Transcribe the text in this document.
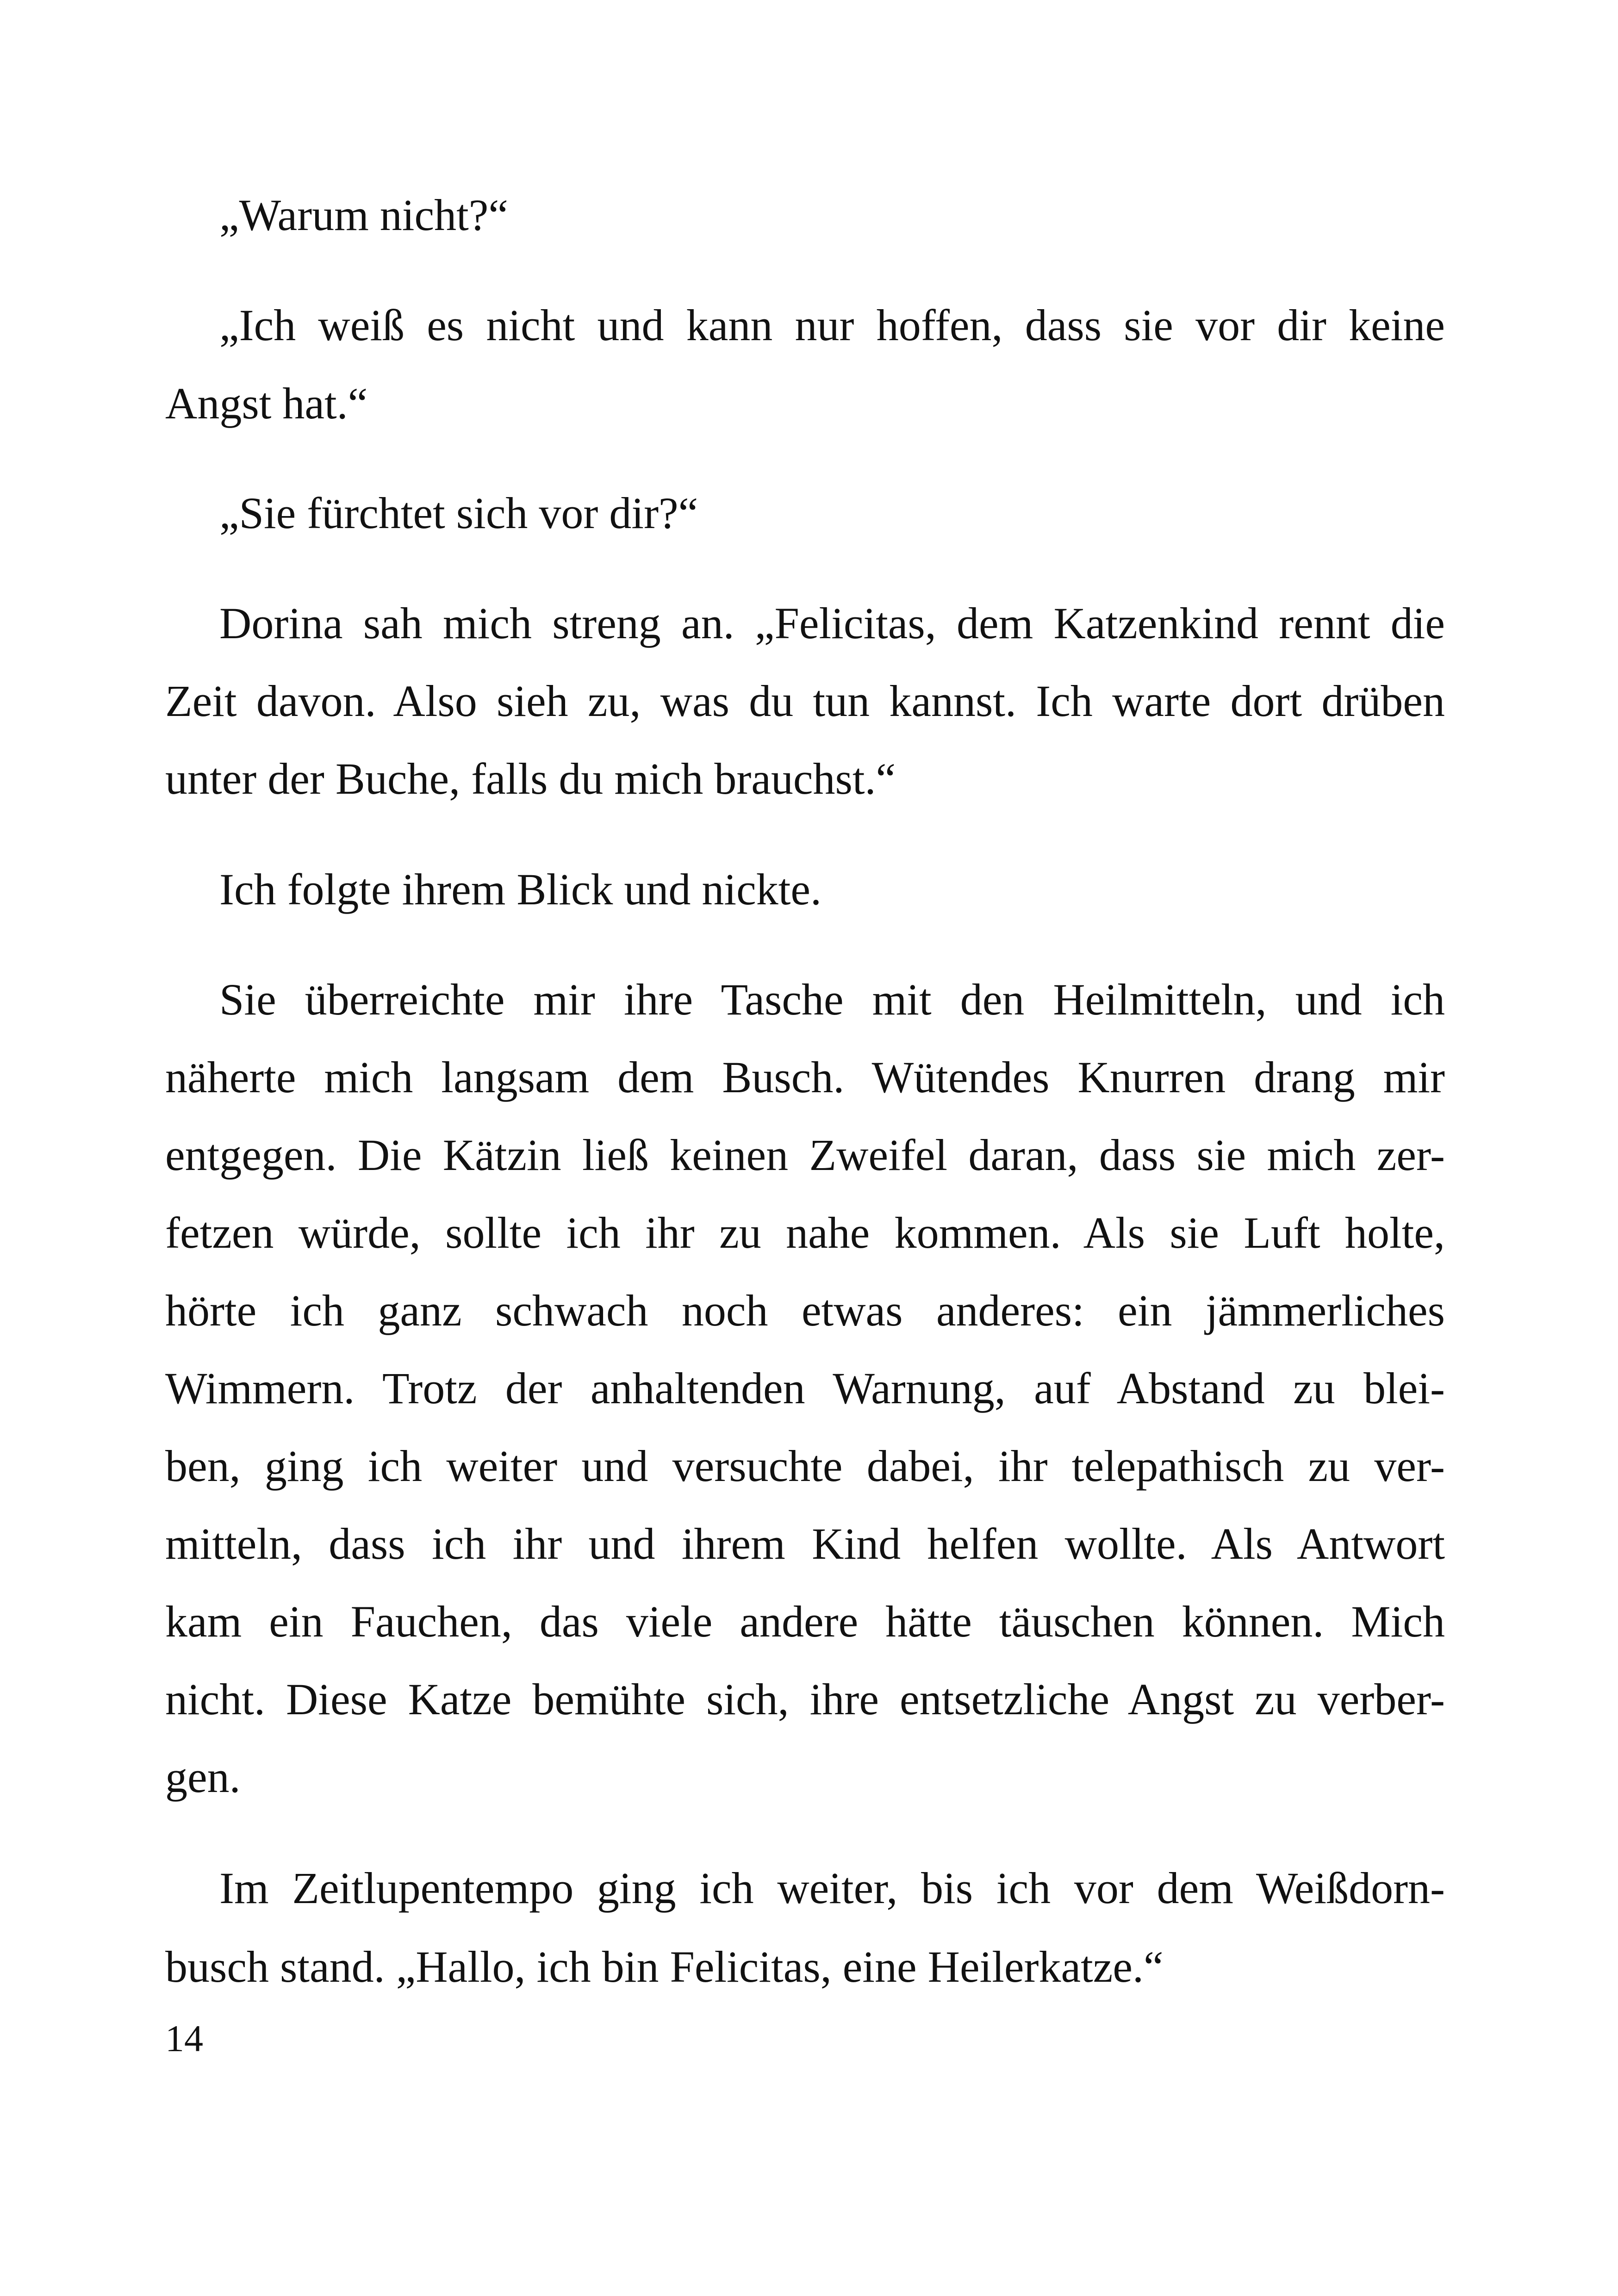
„Warum nicht?“
„Ich weiß es nicht und kann nur hoffen, dass sie vor dir keine
Angst hat.“
„Sie fürchtet sich vor dir?“
Dorina sah mich streng an. „Felicitas, dem Katzenkind rennt die
Zeit davon. Also sieh zu, was du tun kannst. Ich warte dort drüben
unter der Buche, falls du mich brauchst.“
Ich folgte ihrem Blick und nickte.
Sie überreichte mir ihre Tasche mit den Heilmitteln, und ich
näherte mich langsam dem Busch. Wütendes Knurren drang mir
entgegen. Die Kätzin ließ keinen Zweifel daran, dass sie mich zer-
fetzen würde, sollte ich ihr zu nahe kommen. Als sie Luft holte,
hörte ich ganz schwach noch etwas anderes: ein jämmerliches
Wimmern. Trotz der anhaltenden Warnung, auf Abstand zu blei-
ben, ging ich weiter und versuchte dabei, ihr telepathisch zu ver-
mitteln, dass ich ihr und ihrem Kind helfen wollte. Als Antwort
kam ein Fauchen, das viele andere hätte täuschen können. Mich
nicht. Diese Katze bemühte sich, ihre entsetzliche Angst zu verber-
gen.
Im Zeitlupentempo ging ich weiter, bis ich vor dem Weißdorn-
busch stand. „Hallo, ich bin Felicitas, eine Heilerkatze.“
14
